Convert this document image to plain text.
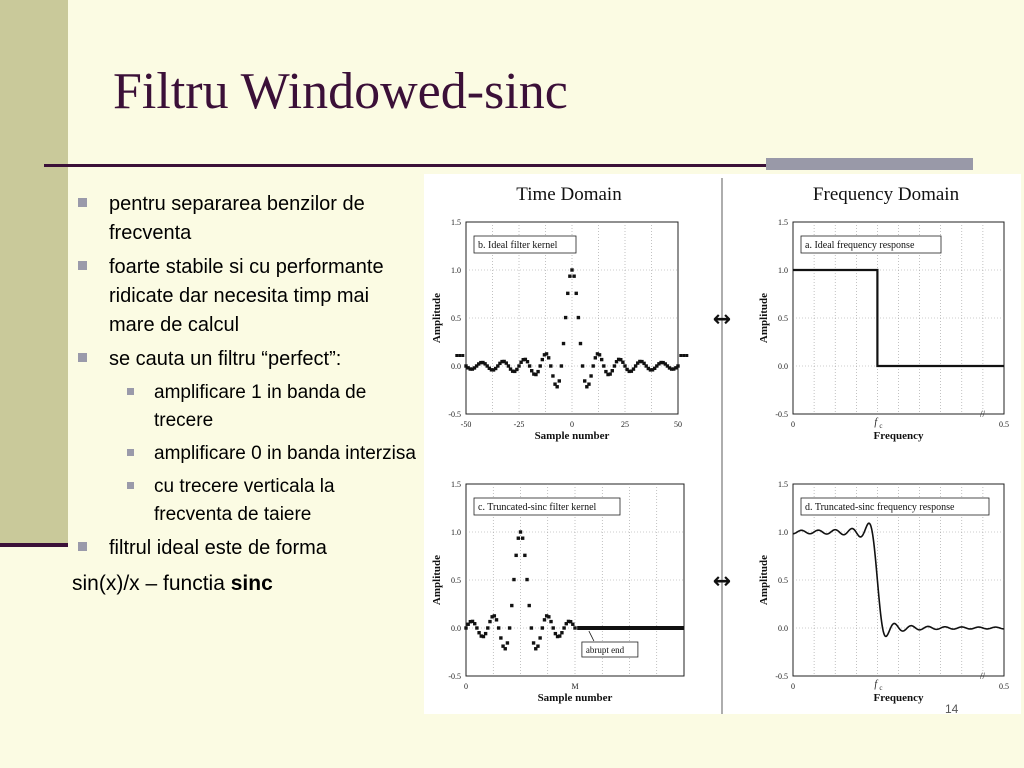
Filtru Windowed-sinc
pentru separarea benzilor de frecventa
foarte stabile si cu performante ridicate dar necesita timp mai mare de calcul
se cauta un filtru “perfect”:
amplificare 1 in banda de trecere
amplificare 0 in banda interzisa
cu trecere verticala la frecventa de taiere
filtrul ideal este de forma
sin(x)/x – functia sinc
Time Domain	Frequency Domain
↔
↔
-0.5
0.0
0.5
1.0
1.5
-50	-25	0	25	50
Sample number
Amplitude
b. Ideal filter kernel
-0.5
0.0
0.5
1.0
1.5
0	0.5
f c
//
Frequency
Amplitude
a. Ideal frequency response
-0.5
0.0
0.5
1.0
1.5
0	M
Sample number
Amplitude
c. Truncated-sinc filter kernel
abrupt end
-0.5
0.0
0.5
1.0
1.5
0	0.5
f c
//
Frequency
Amplitude
d. Truncated-sinc frequency response
14
